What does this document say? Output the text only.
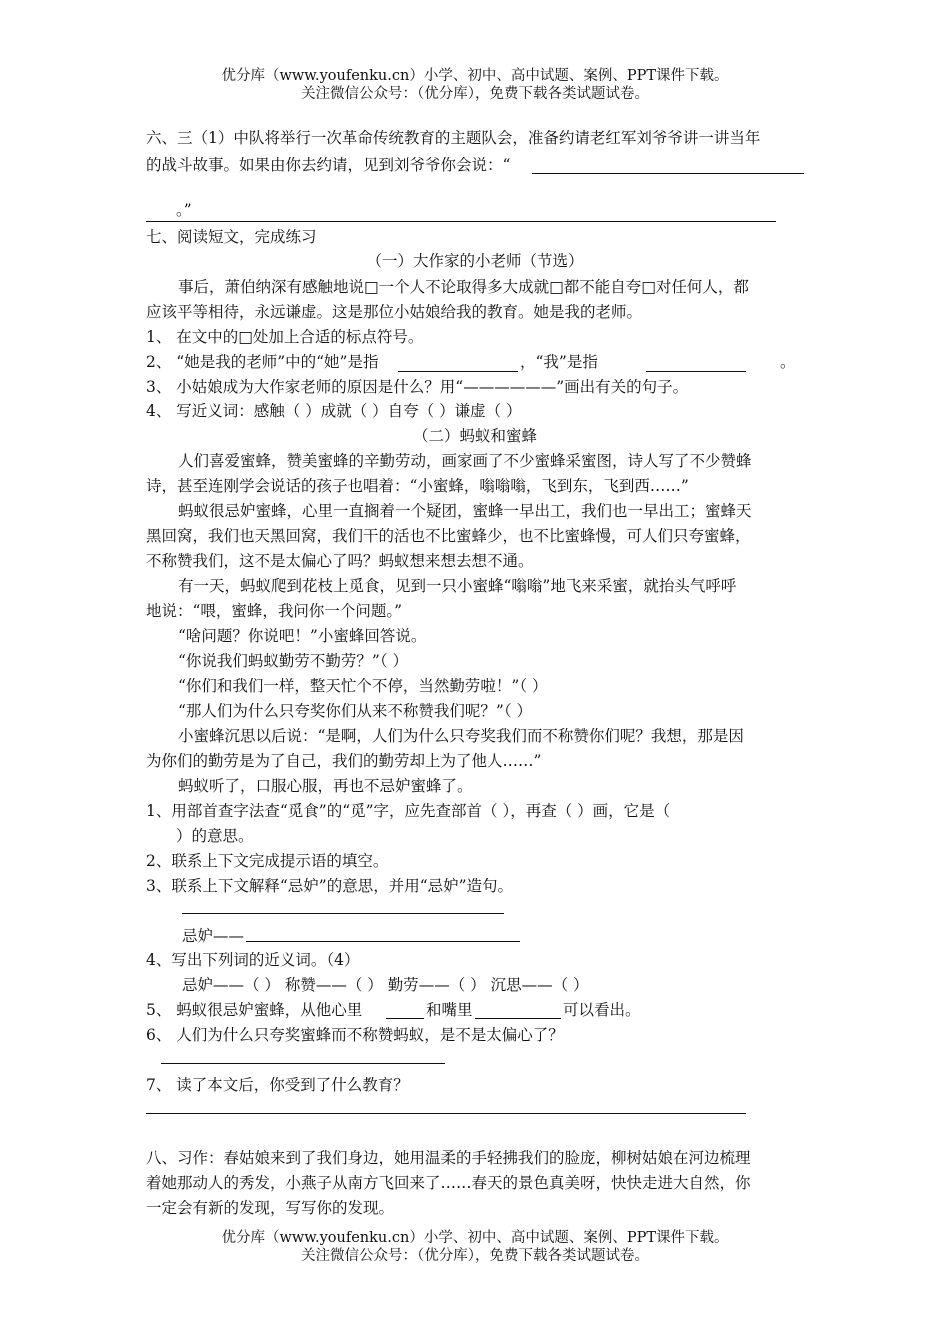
优分库（www.youfenku.cn）小学、初中、高中试题、案例、PPT课件下载。
关注微信公众号：（优分库），免费下载各类试题试卷。
六、三（1）中队将举行一次革命传统教育的主题队会，准备约请老红军刘爷爷讲一讲当年
的战斗故事。如果由你去约请，见到刘爷爷你会说：“
。”
七、阅读短文，完成练习
（一）大作家的小老师（节选）
事后，萧伯纳深有感触地说□一个人不论取得多大成就□都不能自夸□对任何人，都
应该平等相待，永远谦虚。这是那位小姑娘给我的教育。她是我的老师。
1、 在文中的□处加上合适的标点符号。
2、 “她是我的老师”中的“她”是指	，“我”是指	。
3、 小姑娘成为大作家老师的原因是什么？用“——————”画出有关的句子。
4、 写近义词：感触（ ）成就（ ）自夸（ ）谦虚（ ）
（二）蚂蚁和蜜蜂
人们喜爱蜜蜂，赞美蜜蜂的辛勤劳动，画家画了不少蜜蜂采蜜图，诗人写了不少赞蜂
诗，甚至连刚学会说话的孩子也唱着：“小蜜蜂，嗡嗡嗡，飞到东，飞到西……”
蚂蚁很忌妒蜜蜂，心里一直搁着一个疑团，蜜蜂一早出工，我们也一早出工；蜜蜂天
黑回窝，我们也天黑回窝，我们干的活也不比蜜蜂少，也不比蜜蜂慢，可人们只夸蜜蜂，
不称赞我们，这不是太偏心了吗？蚂蚁想来想去想不通。
有一天，蚂蚁爬到花枝上觅食，见到一只小蜜蜂“嗡嗡”地飞来采蜜，就抬头气呼呼
地说：“喂，蜜蜂，我问你一个问题。”
“啥问题？你说吧！”小蜜蜂回答说。
“你说我们蚂蚁勤劳不勤劳？”（ ）
“你们和我们一样，整天忙个不停，当然勤劳啦！”（ ）
“那人们为什么只夸奖你们从来不称赞我们呢？”（ ）
小蜜蜂沉思以后说：“是啊，人们为什么只夸奖我们而不称赞你们呢？我想，那是因
为你们的勤劳是为了自己，我们的勤劳却上为了他人……”
蚂蚁听了，口服心服，再也不忌妒蜜蜂了。
1、用部首查字法查“觅食”的“觅”字，应先查部首（ ），再查（ ）画，它是（
）的意思。
2、联系上下文完成提示语的填空。
3、联系上下文解释“忌妒”的意思，并用“忌妒”造句。
忌妒——
4、写出下列词的近义词。（4）
忌妒——（ ） 称赞——（ ） 勤劳——（ ） 沉思——（ ）
5、 蚂蚁很忌妒蜜蜂，从他心里	和嘴里	可以看出。
6、 人们为什么只夸奖蜜蜂而不称赞蚂蚁，是不是太偏心了？
7、 读了本文后，你受到了什么教育？
八、习作：春姑娘来到了我们身边，她用温柔的手轻拂我们的脸庞，柳树姑娘在河边梳理
着她那动人的秀发，小燕子从南方飞回来了……春天的景色真美呀，快快走进大自然，你
一定会有新的发现，写写你的发现。
优分库（www.youfenku.cn）小学、初中、高中试题、案例、PPT课件下载。
关注微信公众号：（优分库），免费下载各类试题试卷。
